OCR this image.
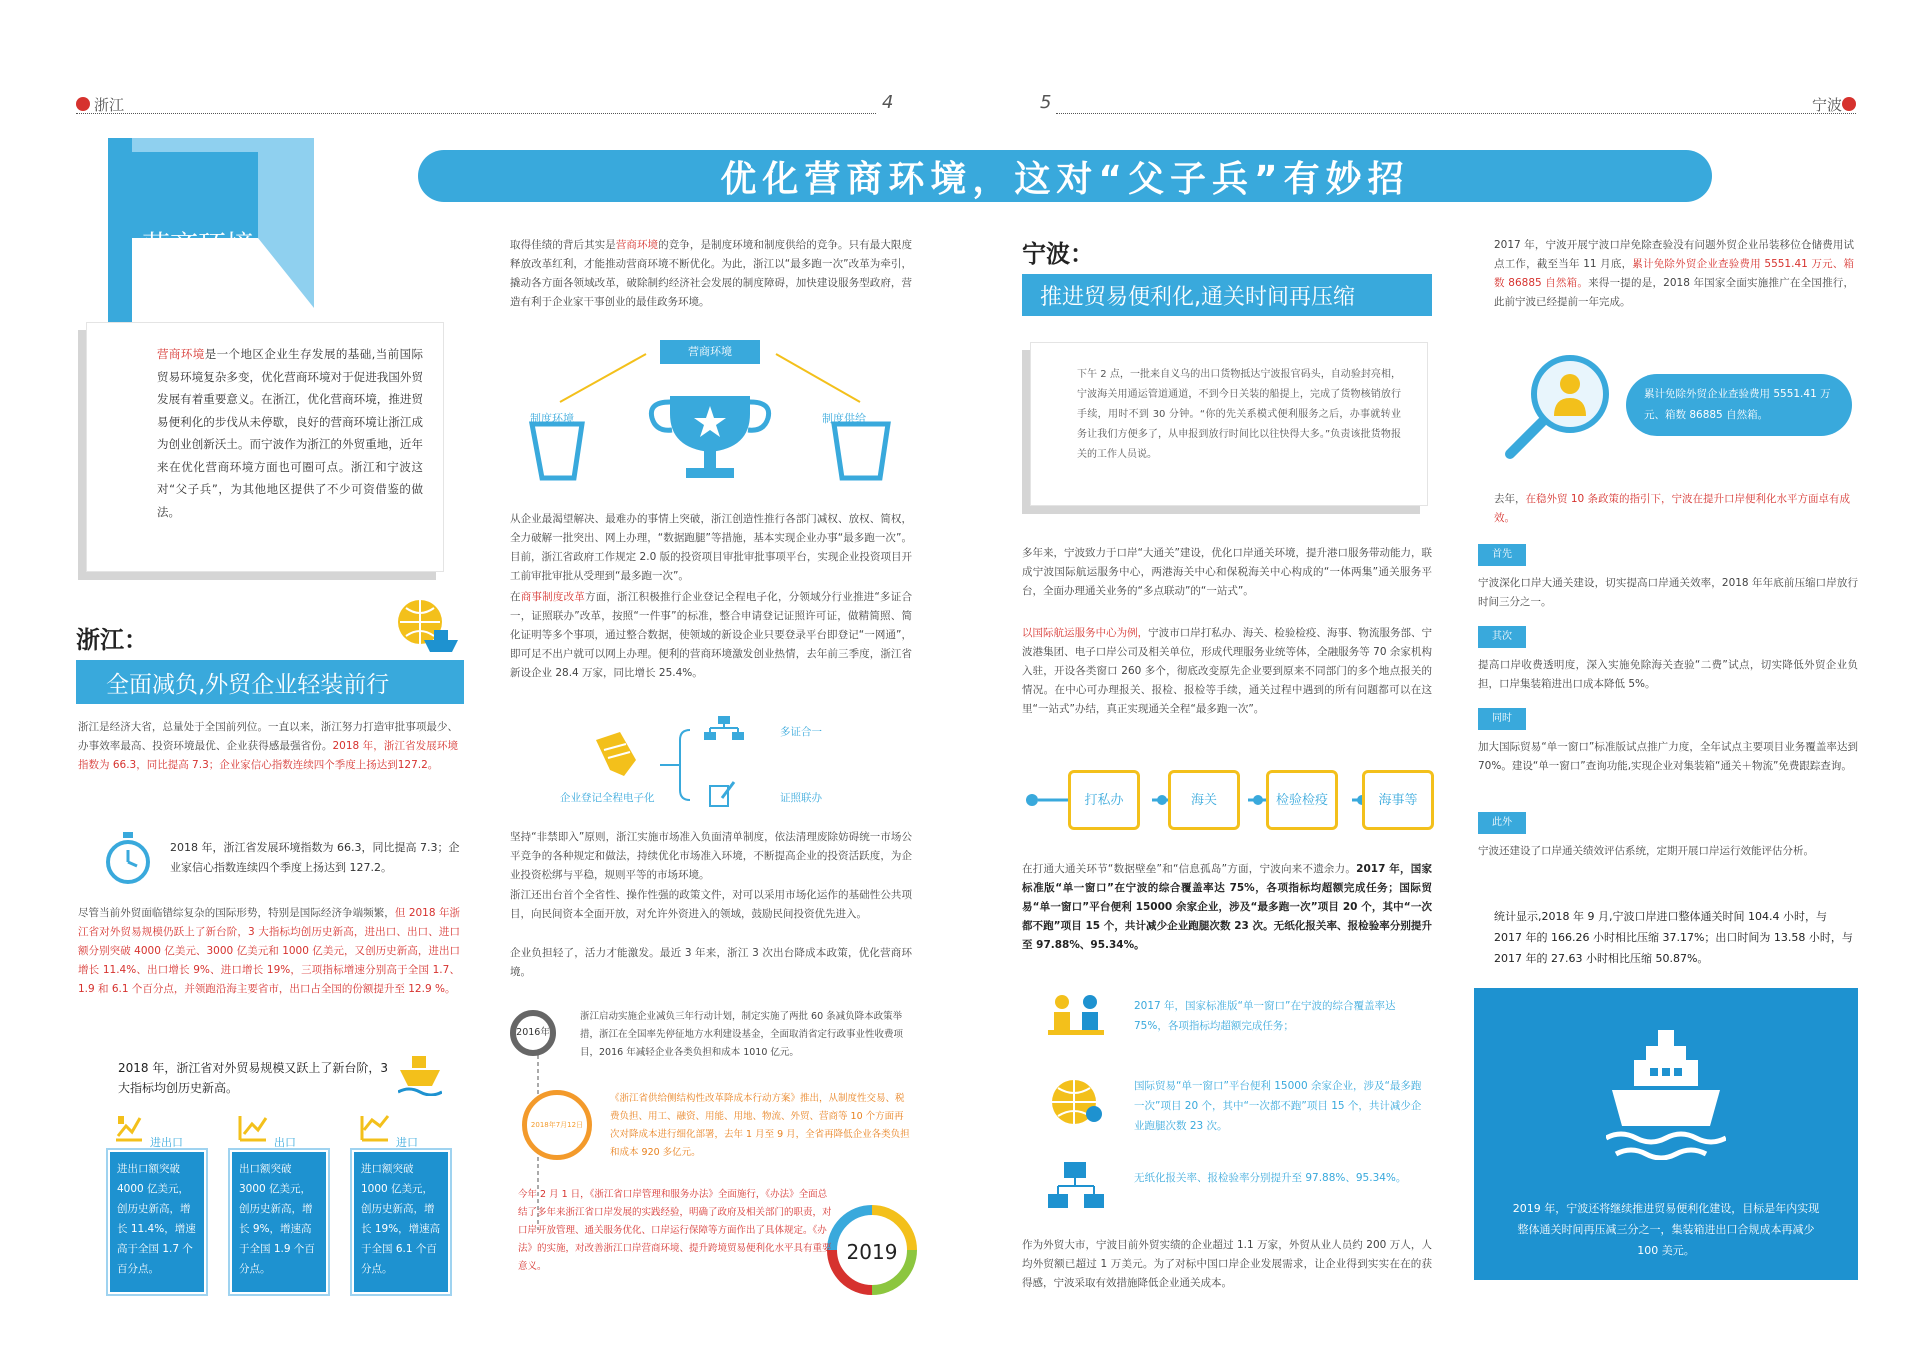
浙江	4	5	宁波
优化营商环境，这对“父子兵”有妙招
营商环境
营商环境是一个地区企业生存发展的基础,当前国际贸易环境复杂多变，优化营商环境对于促进我国外贸发展有着重要意义。在浙江，优化营商环境，推进贸易便利化的步伐从未停歇，良好的营商环境让浙江成为创业创新沃土。而宁波作为浙江的外贸重地，近年来在优化营商环境方面也可圈可点。浙江和宁波这对“父子兵”，为其他地区提供了不少可资借鉴的做法。
浙江：
全面减负,外贸企业轻装前行
浙江是经济大省，总量处于全国前列位。一直以来，浙江努力打造审批事项最少、办事效率最高、投资环境最优、企业获得感最强省份。2018 年，浙江省发展环境指数为 66.3，同比提高 7.3；企业家信心指数连续四个季度上扬达到127.2。
2018 年，浙江省发展环境指数为 66.3，同比提高 7.3；企业家信心指数连续四个季度上扬达到 127.2。
尽管当前外贸面临错综复杂的国际形势，特别是国际经济争端频繁，但 2018 年浙江省对外贸易规模仍跃上了新台阶，3 大指标均创历史新高，进出口、出口、进口额分别突破 4000 亿美元、3000 亿美元和 1000 亿美元，又创历史新高，进出口增长 11.4%、出口增长 9%、进口增长 19%，三项指标增速分别高于全国 1.7、1.9 和 6.1 个百分点，并领跑沿海主要省市，出口占全国的份额提升至 12.9 %。
2018 年，浙江省对外贸易规模又跃上了新台阶，3 大指标均创历史新高。
进出口
进出口额突破 4000 亿美元，创历史新高，增长 11.4%，增速高于全国 1.7 个百分点。
出口
出口额突破 3000 亿美元，创历史新高，增长 9%，增速高于全国 1.9 个百分点。
进口
进口额突破 1000 亿美元，创历史新高，增长 19%，增速高于全国 6.1 个百分点。
取得佳绩的背后其实是营商环境的竞争，是制度环境和制度供给的竞争。只有最大限度释放改革红利，才能推动营商环境不断优化。为此，浙江以“最多跑一次”改革为牵引，撬动各方面各领域改革，破除制约经济社会发展的制度障碍，加快建设服务型政府，营造有利于企业家干事创业的最佳政务环境。
营商环境
制度环境	制度供给
从企业最渴望解决、最难办的事情上突破，浙江创造性推行各部门减权、放权、简权，全力破解一批突出、网上办理，“数据跑腿”等措施，基本实现企业办事“最多跑一次”。目前，浙江省政府工作规定 2.0 版的投资项目审批审批事项平台，实现企业投资项目开工前审批审批从受理到“最多跑一次”。
在商事制度改革方面，浙江积极推行企业登记全程电子化，分领域分行业推进“多证合一，证照联办”改革，按照“一件事”的标准，整合申请登记证照许可证，做精简照、简化证明等多个事项，通过整合数据，使领域的新设企业只要登录平台即登记“一网通”，即可足不出户就可以网上办理。便利的营商环境激发创业热情，去年前三季度，浙江省新设企业 28.4 万家，同比增长 25.4%。
企业登记全程电子化
多证合一
证照联办
坚持“非禁即入”原则，浙江实施市场准入负面清单制度，依法清理废除妨碍统一市场公平竞争的各种规定和做法，持续优化市场准入环境，不断提高企业的投资活跃度，为企业投资松绑与平稳，规则平等的市场环境。
浙江还出台首个全省性、操作性强的政策文件，对可以采用市场化运作的基础性公共项目，向民间资本全面开放，对允许外资进入的领域，鼓励民间投资优先进入。
企业负担轻了，活力才能激发。最近 3 年来，浙江 3 次出台降成本政策，优化营商环境。
2016年
浙江启动实施企业减负三年行动计划，制定实施了两批 60 条减负降本政策举措，浙江在全国率先停征地方水利建设基金，全面取消省定行政事业性收费项目，2016 年减轻企业各类负担和成本 1010 亿元。
2018年7月12日
《浙江省供给侧结构性改革降成本行动方案》推出，从制度性交易、税费负担、用工、融资、用能、用地、物流、外贸、营商等 10 个方面再次对降成本进行细化部署，去年 1 月至 9 月，全省再降低企业各类负担和成本 920 多亿元。
今年 2 月 1 日，《浙江省口岸管理和服务办法》全面施行，《办法》全面总结了多年来浙江省口岸发展的实践经验，明确了政府及相关部门的职责，对口岸开放管理、通关服务优化、口岸运行保障等方面作出了具体规定。《办法》的实施，对改善浙江口岸营商环境、提升跨境贸易便利化水平具有重要意义。
2019
宁波：
推进贸易便利化,通关时间再压缩
下午 2 点，一批来自义乌的出口货物抵达宁波报官码头，自动验封亮相，宁波海关用通运管道通道，不到今日关装的船提上，完成了货物核销放行手续，用时不到 30 分钟。“你的先关系模式便利服务之后，办事就转业务让我们方便多了，从申报到放行时间比以往快得大多。”负责该批货物报关的工作人员说。
多年来，宁波致力于口岸“大通关”建设，优化口岸通关环境，提升港口服务带动能力，联成宁波国际航运服务中心，两港海关中心和保税海关中心构成的“一体两集”通关服务平台，全面办理通关业务的“多点联动”的“一站式”。
以国际航运服务中心为例，宁波市口岸打私办、海关、检验检疫、海事、物流服务部、宁波港集团、电子口岸公司及相关单位，形成代理服务业统等体，全融服务等 70 余家机构入驻，开设各类窗口 260 多个，彻底改变原先企业要到原来不同部门的多个地点报关的情况。在中心可办理报关、报检、报检等手续，通关过程中遇到的所有问题都可以在这里“一站式”办结，真正实现通关全程“最多跑一次”。
打私办	海关	检验检疫	海事等
在打通大通关环节“数据壁垒”和“信息孤岛”方面，宁波向来不遗余力。2017 年，国家标准版“单一窗口”在宁波的综合覆盖率达 75%，各项指标均超额完成任务；国际贸易“单一窗口”平台便利 15000 余家企业，涉及“最多跑一次”项目 20 个，其中“一次都不跑”项目 15 个，共计减少企业跑腿次数 23 次。无纸化报关率、报检验率分别提升至 97.88%、95.34%。
2017 年，国家标准版“单一窗口”在宁波的综合覆盖率达 75%，各项指标均超额完成任务；
国际贸易“单一窗口”平台便利 15000 余家企业，涉及“最多跑一次”项目 20 个，其中“一次都不跑”项目 15 个，共计减少企业跑腿次数 23 次。
无纸化报关率、报检验率分别提升至 97.88%、95.34%。
作为外贸大市，宁波目前外贸实绩的企业超过 1.1 万家，外贸从业人员约 200 万人，人均外贸额已超过 1 万美元。为了对标中国口岸企业发展需求，让企业得到实实在在的获得感，宁波采取有效措施降低企业通关成本。
2017 年，宁波开展宁波口岸免除查验没有问题外贸企业吊装移位仓储费用试点工作，截至当年 11 月底，累计免除外贸企业查验费用 5551.41 万元、箱数 86885 自然箱。来得一提的是，2018 年国家全面实施推广在全国推行，此前宁波已经提前一年完成。
累计免除外贸企业查验费用 5551.41 万元、箱数 86885 自然箱。
去年，在稳外贸 10 条政策的指引下，宁波在提升口岸便利化水平方面卓有成效。
首先
宁波深化口岸大通关建设，切实提高口岸通关效率，2018 年年底前压缩口岸放行时间三分之一。
其次
提高口岸收费透明度，深入实施免除海关查验“二费”试点，切实降低外贸企业负担，口岸集装箱进出口成本降低 5%。
同时
加大国际贸易“单一窗口”标准版试点推广力度，全年试点主要项目业务覆盖率达到 70%。建设“单一窗口”查询功能,实现企业对集装箱“通关＋物流”免费跟踪查询。
此外
宁波还建设了口岸通关绩效评估系统，定期开展口岸运行效能评估分析。
统计显示,2018 年 9 月,宁波口岸进口整体通关时间 104.4 小时，与 2017 年的 166.26 小时相比压缩 37.17%；出口时间为 13.58 小时，与 2017 年的 27.63 小时相比压缩 50.87%。
2019 年，宁波还将继续推进贸易便利化建设，目标是年内实现整体通关时间再压减三分之一，集装箱进出口合规成本再减少 100 美元。
